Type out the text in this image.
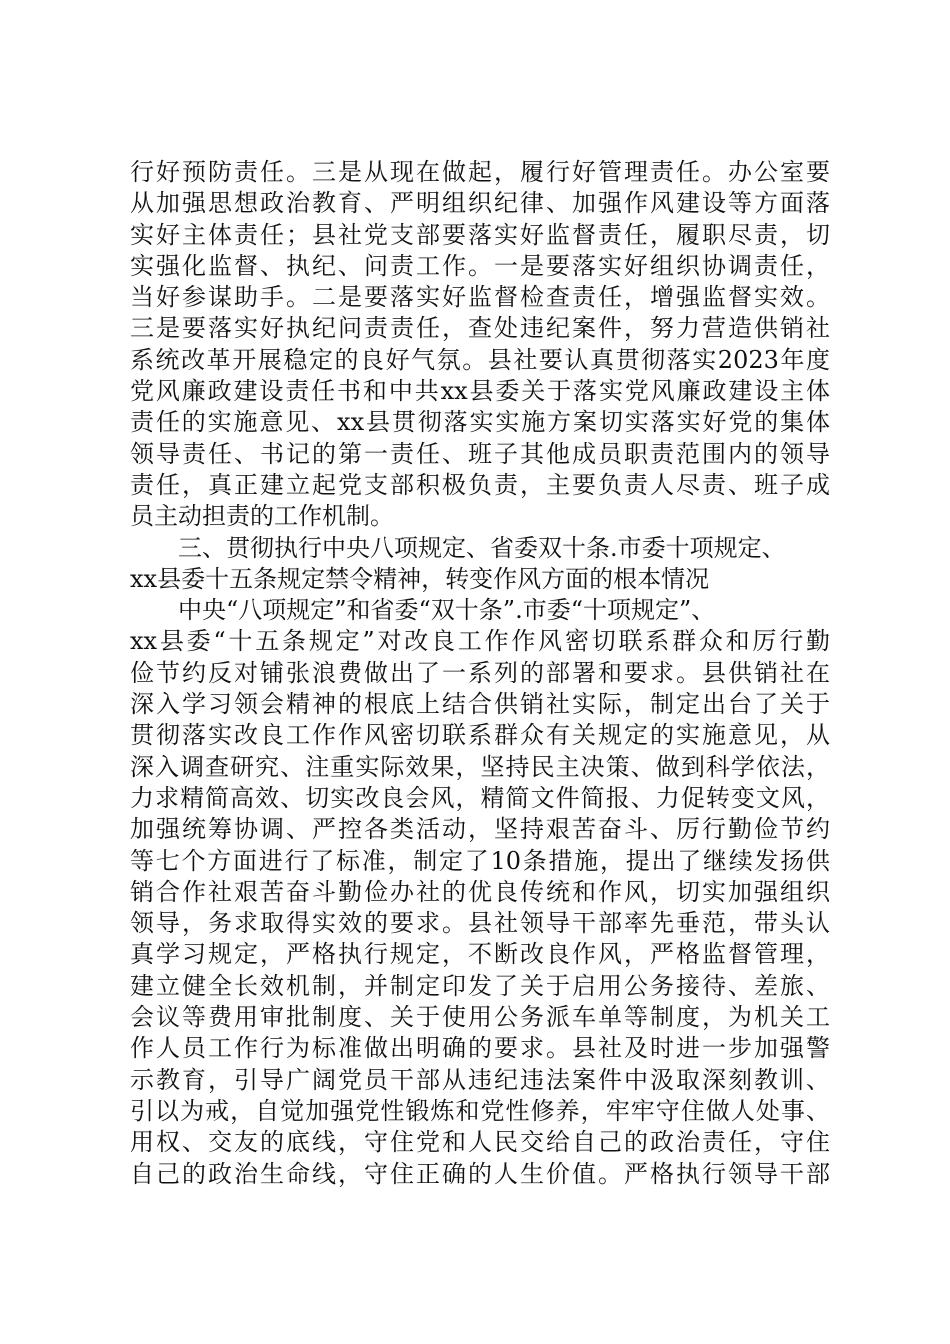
行好预防责任。三是从现在做起，履行好管理责任。办公室要
从加强思想政治教育、严明组织纪律、加强作风建设等方面落
实好主体责任；县社党支部要落实好监督责任，履职尽责，切
实强化监督、执纪、问责工作。一是要落实好组织协调责任，
当好参谋助手。二是要落实好监督检查责任，增强监督实效。
三是要落实好执纪问责责任，查处违纪案件，努力营造供销社
系统改革开展稳定的良好气氛。县社要认真贯彻落实2023年度
党风廉政建设责任书和中共xx县委关于落实党风廉政建设主体
责任的实施意见、xx县贯彻落实实施方案切实落实好党的集体
领导责任、书记的第一责任、班子其他成员职责范围内的领导
责任，真正建立起党支部积极负责，主要负责人尽责、班子成
员主动担责的工作机制。
三、贯彻执行中央八项规定、省委双十条.市委十项规定、
xx县委十五条规定禁令精神，转变作风方面的根本情况
中央“八项规定”和省委“双十条”.市委“十项规定”、
xx县委“十五条规定”对改良工作作风密切联系群众和厉行勤
俭节约反对铺张浪费做出了一系列的部署和要求。县供销社在
深入学习领会精神的根底上结合供销社实际，制定出台了关于
贯彻落实改良工作作风密切联系群众有关规定的实施意见，从
深入调查研究、注重实际效果，坚持民主决策、做到科学依法，
力求精简高效、切实改良会风，精简文件简报、力促转变文风，
加强统筹协调、严控各类活动，坚持艰苦奋斗、厉行勤俭节约
等七个方面进行了标准，制定了10条措施，提出了继续发扬供
销合作社艰苦奋斗勤俭办社的优良传统和作风，切实加强组织
领导，务求取得实效的要求。县社领导干部率先垂范，带头认
真学习规定，严格执行规定，不断改良作风，严格监督管理，
建立健全长效机制，并制定印发了关于启用公务接待、差旅、
会议等费用审批制度、关于使用公务派车单等制度，为机关工
作人员工作行为标准做出明确的要求。县社及时进一步加强警
示教育，引导广阔党员干部从违纪违法案件中汲取深刻教训、
引以为戒，自觉加强党性锻炼和党性修养，牢牢守住做人处事、
用权、交友的底线，守住党和人民交给自己的政治责任，守住
自己的政治生命线，守住正确的人生价值。严格执行领导干部
